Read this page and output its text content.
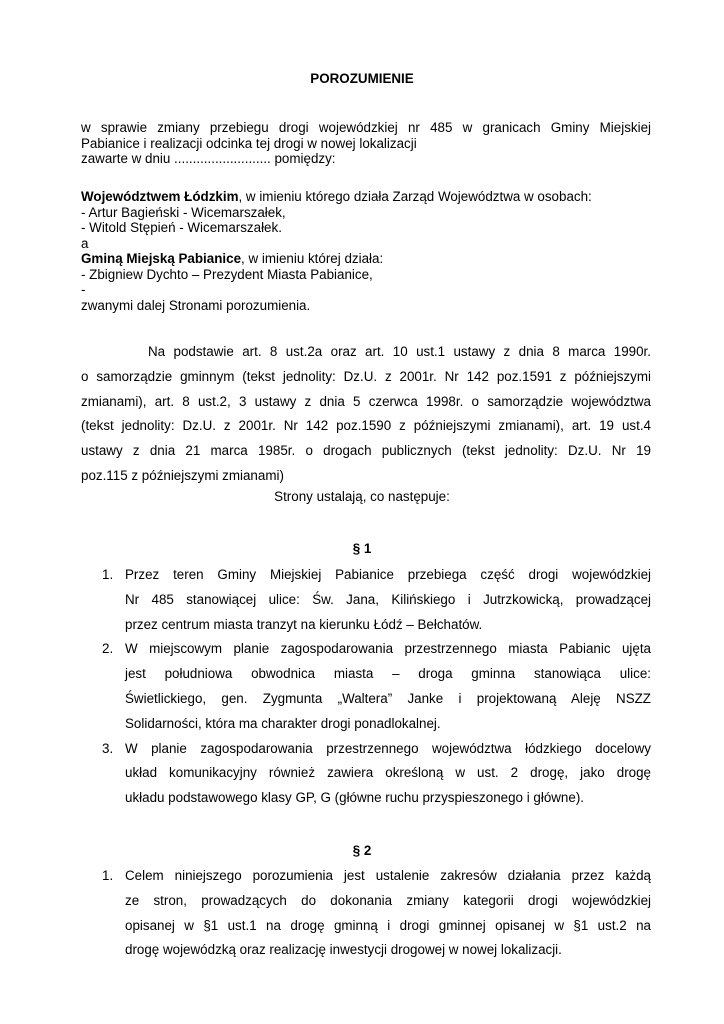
POROZUMIENIE
w sprawie zmiany przebiegu drogi wojewódzkiej nr 485 w granicach Gminy Miejskiej
Pabianice i realizacji odcinka tej drogi w nowej lokalizacji
zawarte w dniu .......................... pomiędzy:
Województwem Łódzkim, w imieniu którego działa Zarząd Województwa w osobach:
- Artur Bagieński - Wicemarszałek,
- Witold Stępień - Wicemarszałek.
a
Gminą Miejską Pabianice, w imieniu której działa:
- Zbigniew Dychto – Prezydent Miasta Pabianice,
-
zwanymi dalej Stronami porozumienia.
Na podstawie art. 8 ust.2a oraz art. 10 ust.1 ustawy z dnia 8 marca 1990r.
o samorządzie gminnym (tekst jednolity: Dz.U. z 2001r. Nr 142 poz.1591 z późniejszymi
zmianami), art. 8 ust.2, 3 ustawy z dnia 5 czerwca 1998r. o samorządzie województwa
(tekst jednolity: Dz.U. z 2001r. Nr 142 poz.1590 z późniejszymi zmianami), art. 19 ust.4
ustawy z dnia 21 marca 1985r. o drogach publicznych (tekst jednolity: Dz.U. Nr 19
poz.115 z późniejszymi zmianami)
Strony ustalają, co następuje:
§ 1
1. Przez teren Gminy Miejskiej Pabianice przebiega część drogi wojewódzkiej
Nr 485 stanowiącej ulice: Św. Jana, Kilińskiego i Jutrzkowicką, prowadzącej
przez centrum miasta tranzyt na kierunku Łódź – Bełchatów.
2. W miejscowym planie zagospodarowania przestrzennego miasta Pabianic ujęta
jest południowa obwodnica miasta – droga gminna stanowiąca ulice:
Świetlickiego, gen. Zygmunta „Waltera” Janke i projektowaną Aleję NSZZ
Solidarności, która ma charakter drogi ponadlokalnej.
3. W planie zagospodarowania przestrzennego województwa łódzkiego docelowy
układ komunikacyjny również zawiera określoną w ust. 2 drogę, jako drogę
układu podstawowego klasy GP, G (główne ruchu przyspieszonego i główne).
§ 2
1. Celem niniejszego porozumienia jest ustalenie zakresów działania przez każdą
ze stron, prowadzących do dokonania zmiany kategorii drogi wojewódzkiej
opisanej w §1 ust.1 na drogę gminną i drogi gminnej opisanej w §1 ust.2 na
drogę wojewódzką oraz realizację inwestycji drogowej w nowej lokalizacji.
